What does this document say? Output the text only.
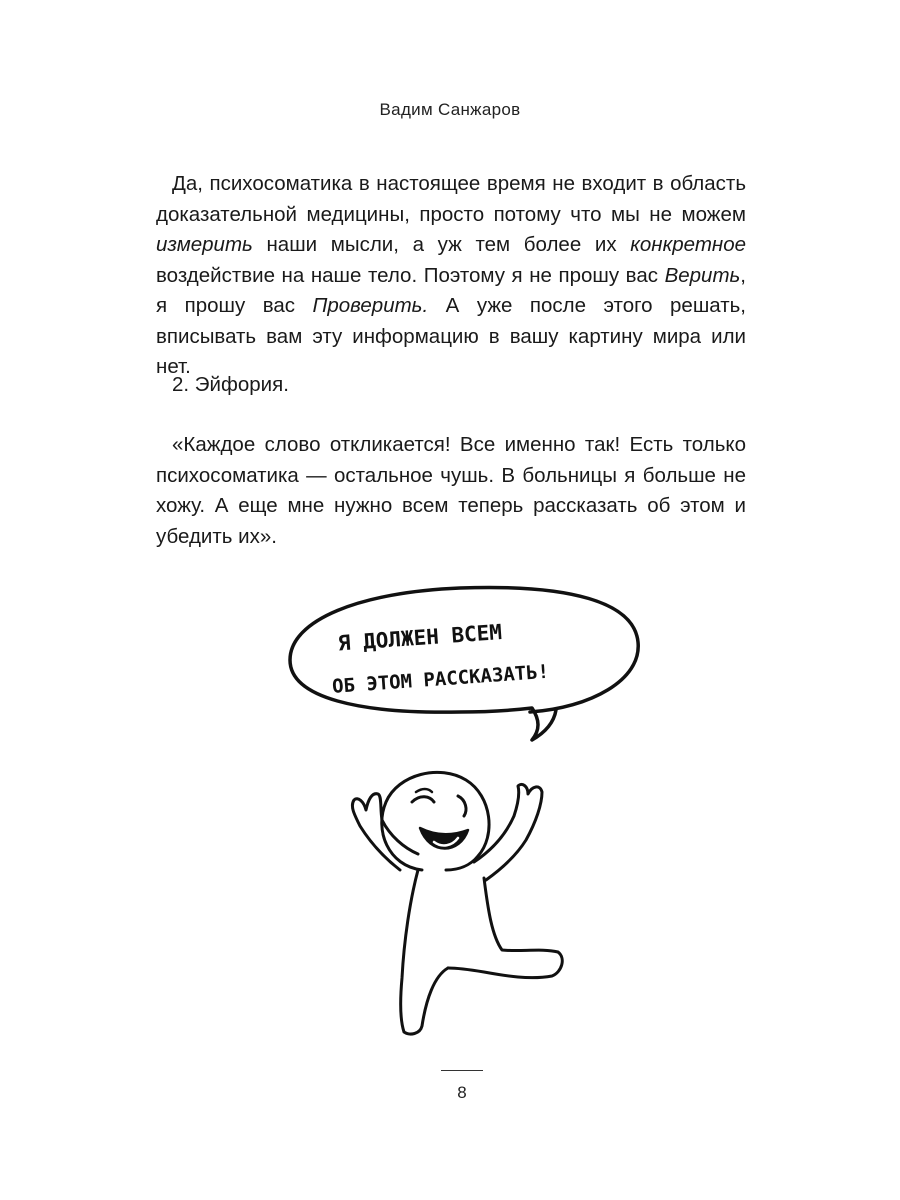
Вадим Санжаров

Да, психосоматика в настоящее время не входит в область доказательной медицины, просто потому что мы не можем измерить наши мысли, а уж тем более их конкретное воздействие на наше тело. Поэтому я не прошу вас Верить, я прошу вас Проверить. А уже после этого решать, вписывать вам эту информацию в вашу картину мира или нет.

2. Эйфория.

«Каждое слово откликается! Все именно так! Есть только психосоматика — остальное чушь. В больницы я больше не хожу. А еще мне нужно всем теперь рассказать об этом и убедить их».

Я ДОЛЖЕН ВСЕМ
ОБ ЭТОМ РАССКАЗАТЬ!
8
